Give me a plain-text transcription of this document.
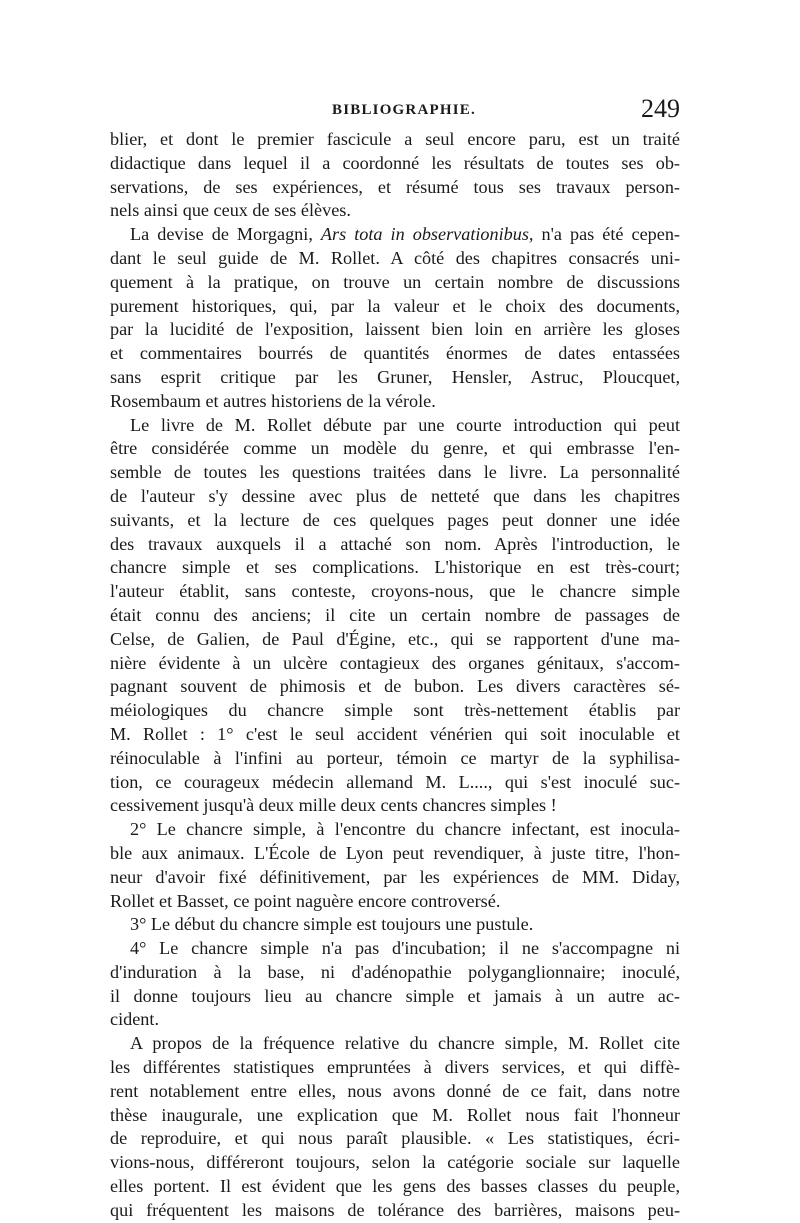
BIBLIOGRAPHIE.	249
blier, et dont le premier fascicule a seul encore paru, est un traité
didactique dans lequel il a coordonné les résultats de toutes ses ob-
servations, de ses expériences, et résumé tous ses travaux person-
nels ainsi que ceux de ses élèves.
La devise de Morgagni, Ars tota in observationibus, n'a pas été cepen-
dant le seul guide de M. Rollet. A côté des chapitres consacrés uni-
quement à la pratique, on trouve un certain nombre de discussions
purement historiques, qui, par la valeur et le choix des documents,
par la lucidité de l'exposition, laissent bien loin en arrière les gloses
et commentaires bourrés de quantités énormes de dates entassées
sans esprit critique par les Gruner, Hensler, Astruc, Ploucquet,
Rosembaum et autres historiens de la vérole.
Le livre de M. Rollet débute par une courte introduction qui peut
être considérée comme un modèle du genre, et qui embrasse l'en-
semble de toutes les questions traitées dans le livre. La personnalité
de l'auteur s'y dessine avec plus de netteté que dans les chapitres
suivants, et la lecture de ces quelques pages peut donner une idée
des travaux auxquels il a attaché son nom. Après l'introduction, le
chancre simple et ses complications. L'historique en est très-court;
l'auteur établit, sans conteste, croyons-nous, que le chancre simple
était connu des anciens; il cite un certain nombre de passages de
Celse, de Galien, de Paul d'Égine, etc., qui se rapportent d'une ma-
nière évidente à un ulcère contagieux des organes génitaux, s'accom-
pagnant souvent de phimosis et de bubon. Les divers caractères sé-
méiologiques du chancre simple sont très-nettement établis par
M. Rollet : 1° c'est le seul accident vénérien qui soit inoculable et
réinoculable à l'infini au porteur, témoin ce martyr de la syphilisa-
tion, ce courageux médecin allemand M. L...., qui s'est inoculé suc-
cessivement jusqu'à deux mille deux cents chancres simples !
2° Le chancre simple, à l'encontre du chancre infectant, est inocula-
ble aux animaux. L'École de Lyon peut revendiquer, à juste titre, l'hon-
neur d'avoir fixé définitivement, par les expériences de MM. Diday,
Rollet et Basset, ce point naguère encore controversé.
3° Le début du chancre simple est toujours une pustule.
4° Le chancre simple n'a pas d'incubation; il ne s'accompagne ni
d'induration à la base, ni d'adénopathie polyganglionnaire; inoculé,
il donne toujours lieu au chancre simple et jamais à un autre ac-
cident.
A propos de la fréquence relative du chancre simple, M. Rollet cite
les différentes statistiques empruntées à divers services, et qui diffè-
rent notablement entre elles, nous avons donné de ce fait, dans notre
thèse inaugurale, une explication que M. Rollet nous fait l'honneur
de reproduire, et qui nous paraît plausible. « Les statistiques, écri-
vions-nous, différeront toujours, selon la catégorie sociale sur laquelle
elles portent. Il est évident que les gens des basses classes du peuple,
qui fréquentent les maisons de tolérance des barrières, maisons peu-
